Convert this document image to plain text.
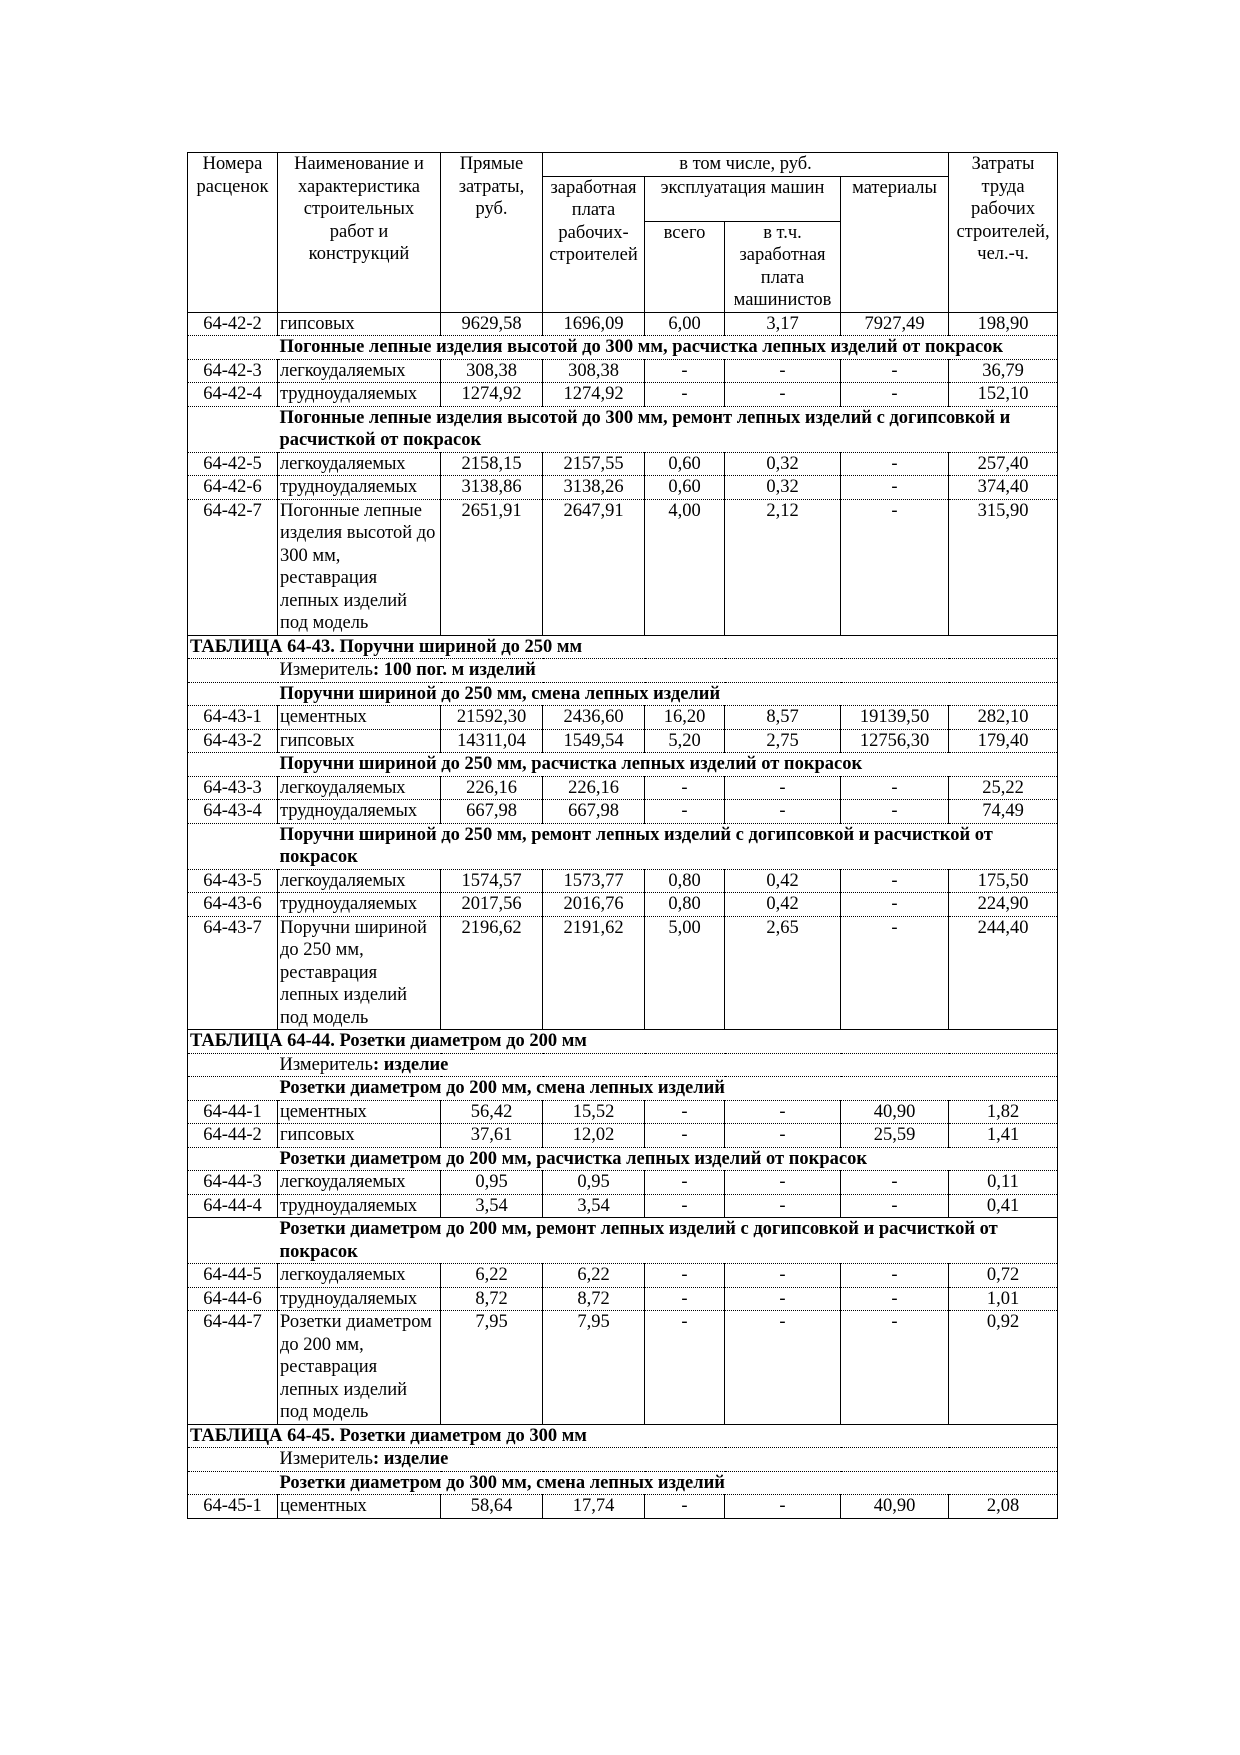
Номера расценок	Наименование и характеристика строительных работ и конструкций	Прямые затраты, руб.	в том числе, руб.				Затраты труда рабочих строителей, чел.-ч.
			заработная плата рабочих-строителей	эксплуатация машин		материалы	
				всего	в т.ч. заработная плата машинистов		
64-42-2	гипсовых	9629,58	1696,09	6,00	3,17	7927,49	198,90
	Погонные лепные изделия высотой до 300 мм, расчистка лепных изделий от покрасок						
64-42-3	легкоудаляемых	308,38	308,38	-	-	-	36,79
64-42-4	трудноудаляемых	1274,92	1274,92	-	-	-	152,10
	Погонные лепные изделия высотой до 300 мм, ремонт лепных изделий с догипсовкой и расчисткой от покрасок						
64-42-5	легкоудаляемых	2158,15	2157,55	0,60	0,32	-	257,40
64-42-6	трудноудаляемых	3138,86	3138,26	0,60	0,32	-	374,40
64-42-7	Погонные лепные изделия высотой до 300 мм, реставрация лепных изделий под модель	2651,91	2647,91	4,00	2,12	-	315,90
ТАБЛИЦА 64-43. Поручни шириной до 250 мм							
	Измеритель: 100 пог. м изделий						
	Поручни шириной до 250 мм, смена лепных изделий						
64-43-1	цементных	21592,30	2436,60	16,20	8,57	19139,50	282,10
64-43-2	гипсовых	14311,04	1549,54	5,20	2,75	12756,30	179,40
	Поручни шириной до 250 мм, расчистка лепных изделий от покрасок						
64-43-3	легкоудаляемых	226,16	226,16	-	-	-	25,22
64-43-4	трудноудаляемых	667,98	667,98	-	-	-	74,49
	Поручни шириной до 250 мм, ремонт лепных изделий с догипсовкой и расчисткой от покрасок						
64-43-5	легкоудаляемых	1574,57	1573,77	0,80	0,42	-	175,50
64-43-6	трудноудаляемых	2017,56	2016,76	0,80	0,42	-	224,90
64-43-7	Поручни шириной до 250 мм, реставрация лепных изделий под модель	2196,62	2191,62	5,00	2,65	-	244,40
ТАБЛИЦА 64-44. Розетки диаметром до 200 мм							
	Измеритель: изделие						
	Розетки диаметром до 200 мм, смена лепных изделий						
64-44-1	цементных	56,42	15,52	-	-	40,90	1,82
64-44-2	гипсовых	37,61	12,02	-	-	25,59	1,41
	Розетки диаметром до 200 мм, расчистка лепных изделий от покрасок						
64-44-3	легкоудаляемых	0,95	0,95	-	-	-	0,11
64-44-4	трудноудаляемых	3,54	3,54	-	-	-	0,41
	Розетки диаметром до 200 мм, ремонт лепных изделий с догипсовкой и расчисткой от покрасок						
64-44-5	легкоудаляемых	6,22	6,22	-	-	-	0,72
64-44-6	трудноудаляемых	8,72	8,72	-	-	-	1,01
64-44-7	Розетки диаметром до 200 мм, реставрация лепных изделий под модель	7,95	7,95	-	-	-	0,92
ТАБЛИЦА 64-45. Розетки диаметром до 300 мм							
	Измеритель: изделие						
	Розетки диаметром до 300 мм, смена лепных изделий						
64-45-1	цементных	58,64	17,74	-	-	40,90	2,08
